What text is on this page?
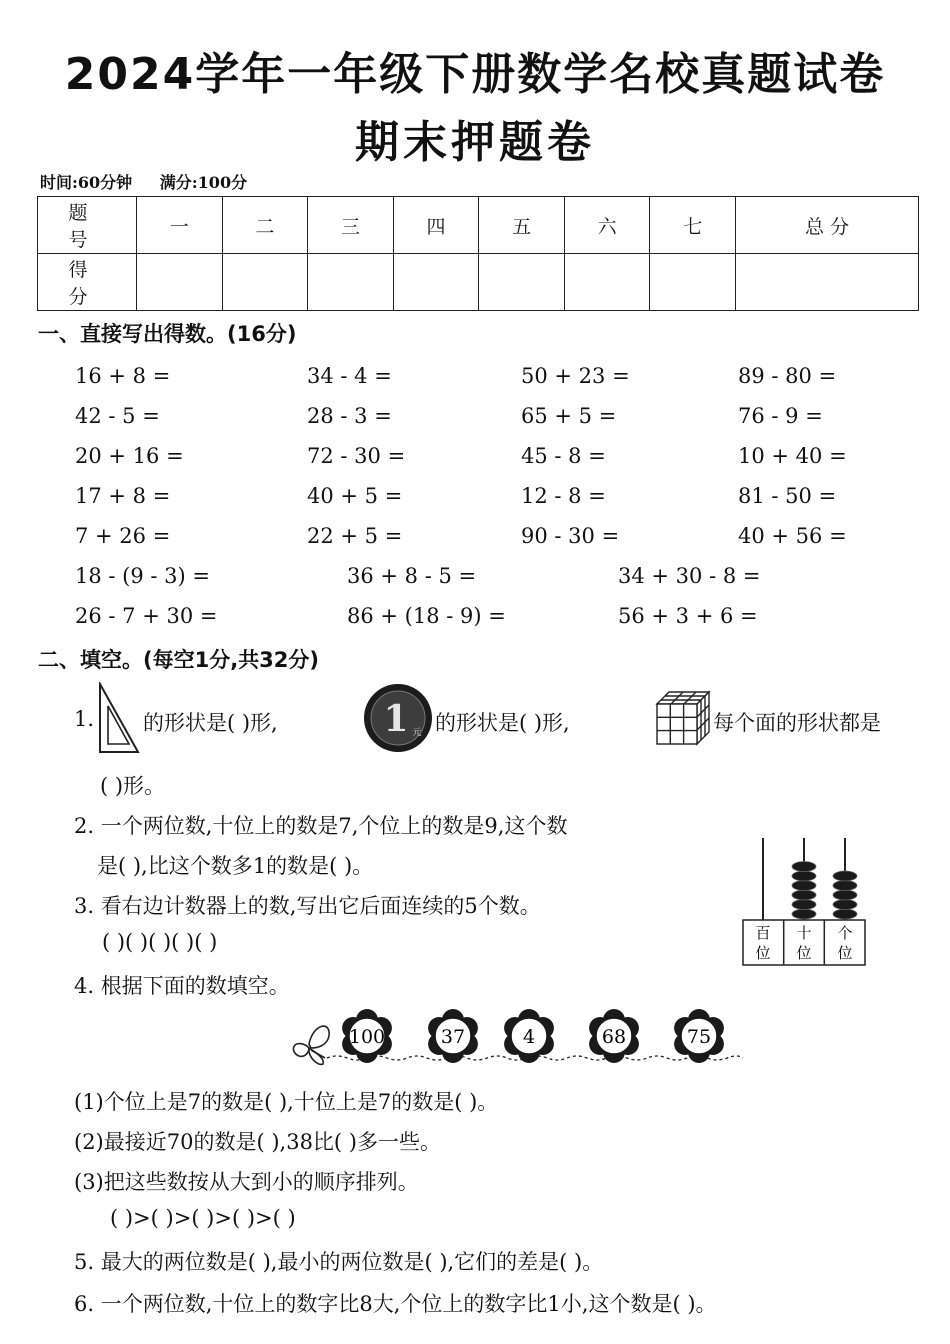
2024学年一年级下册数学名校真题试卷
期末押题卷
时间:60分钟 满分:100分
题 号	一	二	三	四	五	六	七	总 分
得 分								
一、直接写出得数。(16分)
16 + 8 =	34 - 4 =	50 + 23 =	89 - 80 =
42 - 5 =	28 - 3 =	65 + 5 =	76 - 9 =
20 + 16 =	72 - 30 =	45 - 8 =	10 + 40 =
17 + 8 =	40 + 5 =	12 - 8 =	81 - 50 =
7 + 26 =	22 + 5 =	90 - 30 =	40 + 56 =
18 - (9 - 3) =	36 + 8 - 5 =	34 + 30 - 8 =
26 - 7 + 30 =	86 + (18 - 9) =	56 + 3 + 6 =
二、填空。(每空1分,共32分)
1. 的形状是( )形,	1 元 的形状是( )形,	每个面的形状都是
( )形。
2. 一个两位数,十位上的数是7,个位上的数是9,这个数
是( ),比这个数多1的数是( )。
3. 看右边计数器上的数,写出它后面连续的5个数。
( )( )( )( )( )	百
位
十
位
个
位
4. 根据下面的数填空。
100	37	4	68	75
(1)个位上是7的数是( ),十位上是7的数是( )。
(2)最接近70的数是( ),38比( )多一些。
(3)把这些数按从大到小的顺序排列。
( )>( )>( )>( )>( )
5. 最大的两位数是( ),最小的两位数是( ),它们的差是( )。
6. 一个两位数,十位上的数字比8大,个位上的数字比1小,这个数是( )。
